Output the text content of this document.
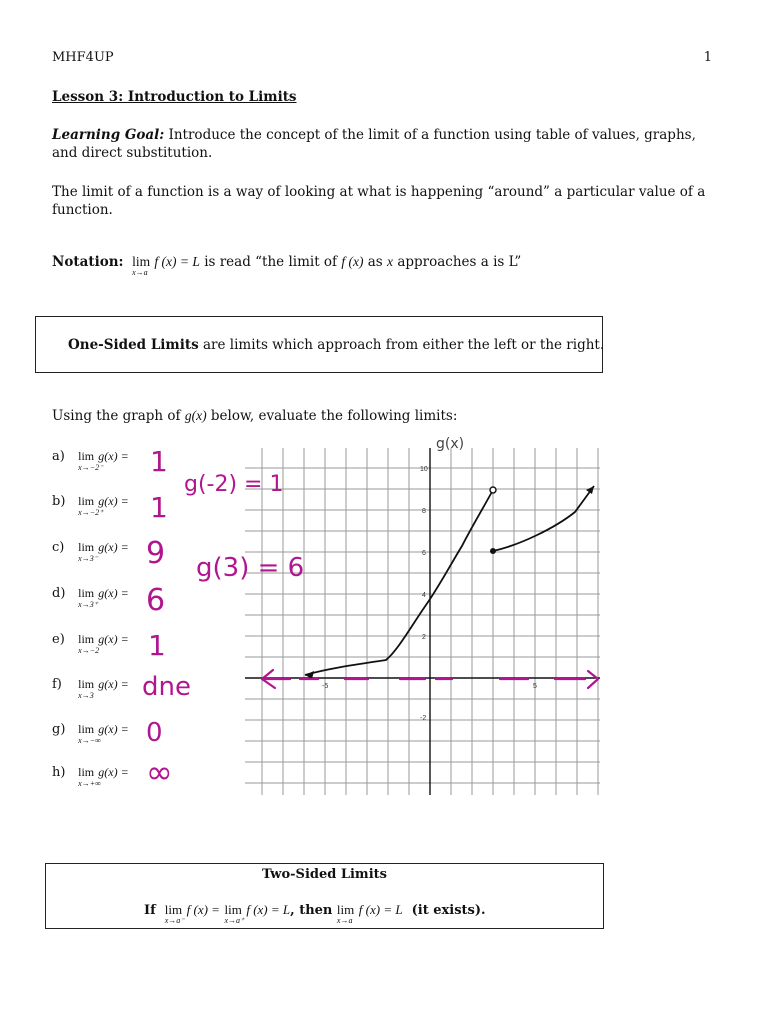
MHF4UP	1
Lesson 3: Introduction to Limits
Learning Goal: Introduce the concept of the limit of a function using table of values, graphs, and direct substitution.
The limit of a function is a way of looking at what is happening “around” a particular value of a function.
Notation: lim
x→a
f (x) = L is read “the limit of f (x) as x approaches a is L”
One-Sided Limits are limits which approach from either the left or the right.
Using the graph of g(x) below, evaluate the following limits:
a) lim
x→−2⁻
g(x) =
b) lim
x→−2⁺
g(x) =
c) lim
x→3⁻
g(x) =
d) lim
x→3⁺
g(x) =
e) lim
x→−2
g(x) =
f) lim
x→3
g(x) =
g) lim
x→−∞
g(x) =
h) lim
x→+∞
g(x) =
10
8
6
4
2
-2
-5	5
g(x)
g(-2) = 1
g(3) = 6
1
1
9
6
1
dne
0
∞
Two-Sided Limits
If lim
x→a⁻
f (x) = lim
x→a⁺
f (x) = L, then lim
x→a
f (x) = L (it exists).
